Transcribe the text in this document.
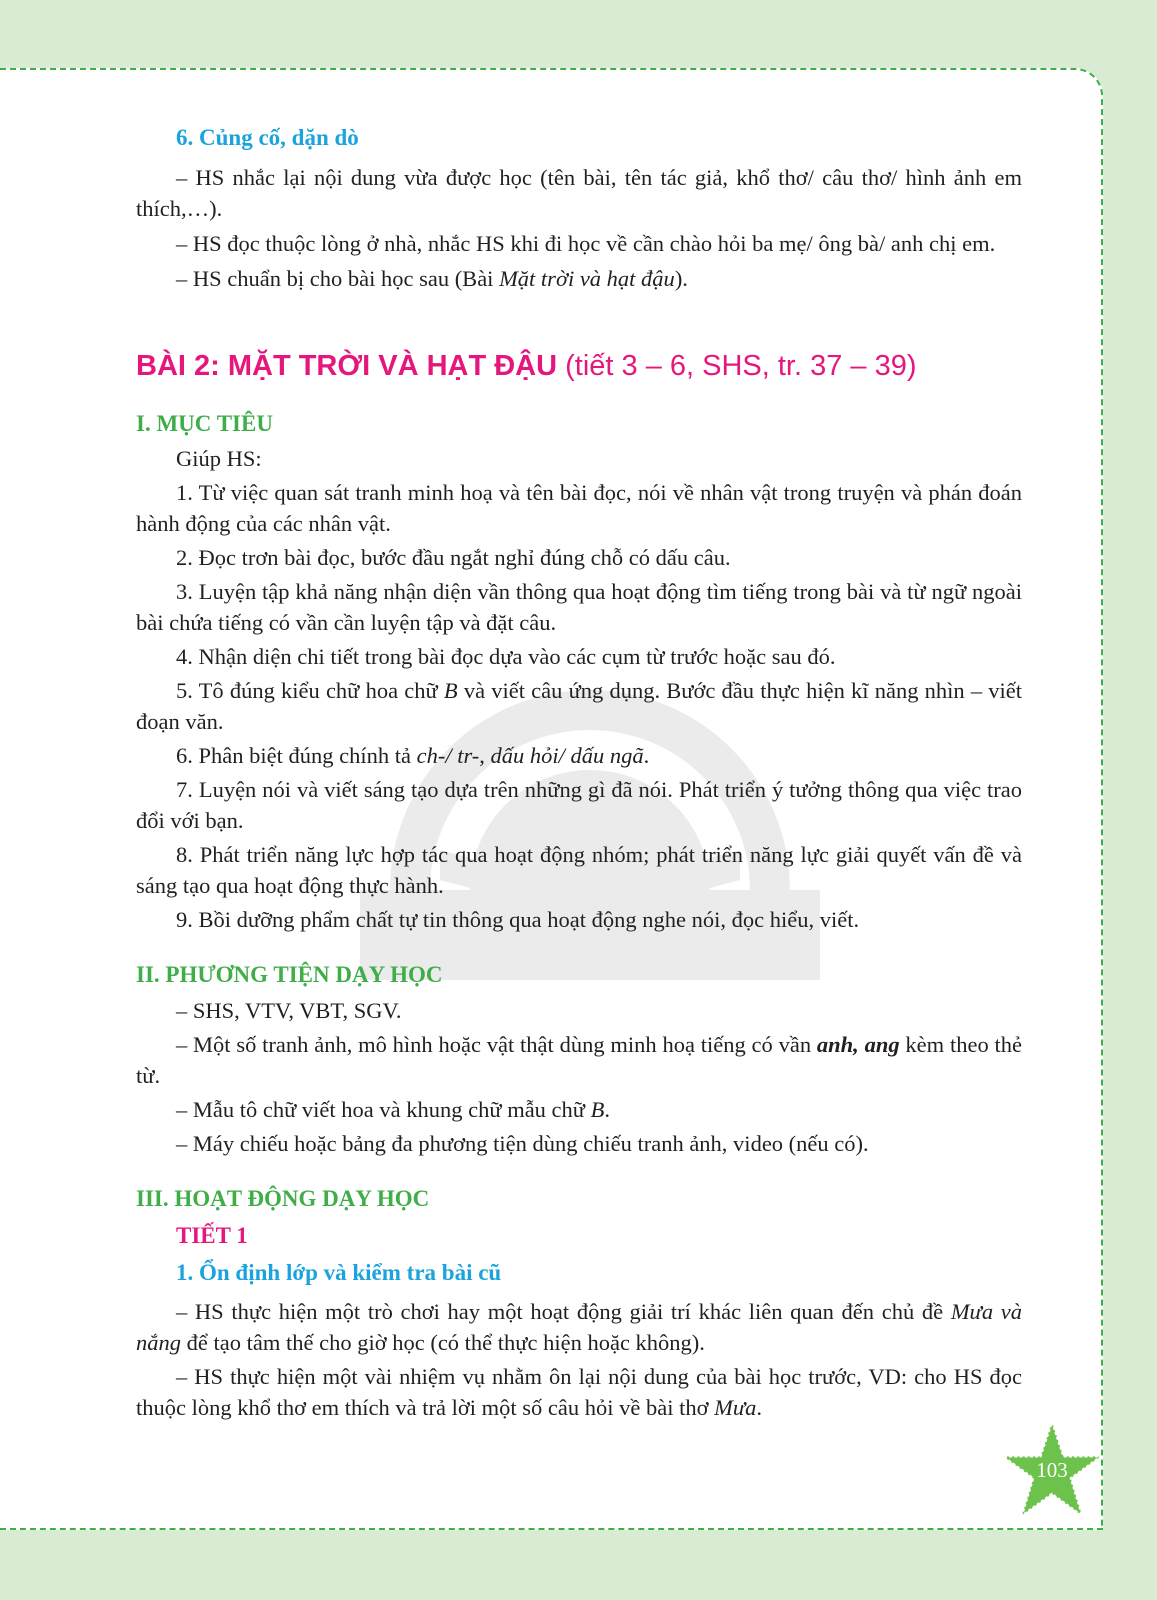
6. Củng cố, dặn dò

– HS nhắc lại nội dung vừa được học (tên bài, tên tác giả, khổ thơ/ câu thơ/ hình ảnh em thích,…).

– HS đọc thuộc lòng ở nhà, nhắc HS khi đi học về cần chào hỏi ba mẹ/ ông bà/ anh chị em.

– HS chuẩn bị cho bài học sau (Bài Mặt trời và hạt đậu).

BÀI 2: MẶT TRỜI VÀ HẠT ĐẬU (tiết 3 – 6, SHS, tr. 37 – 39)
I. MỤC TIÊU

Giúp HS:

1. Từ việc quan sát tranh minh hoạ và tên bài đọc, nói về nhân vật trong truyện và phán đoán hành động của các nhân vật.

2. Đọc trơn bài đọc, bước đầu ngắt nghỉ đúng chỗ có dấu câu.

3. Luyện tập khả năng nhận diện vần thông qua hoạt động tìm tiếng trong bài và từ ngữ ngoài bài chứa tiếng có vần cần luyện tập và đặt câu.

4. Nhận diện chi tiết trong bài đọc dựa vào các cụm từ trước hoặc sau đó.

5. Tô đúng kiểu chữ hoa chữ B và viết câu ứng dụng. Bước đầu thực hiện kĩ năng nhìn – viết đoạn văn.

6. Phân biệt đúng chính tả ch-/ tr-, dấu hỏi/ dấu ngã.

7. Luyện nói và viết sáng tạo dựa trên những gì đã nói. Phát triển ý tưởng thông qua việc trao đổi với bạn.

8. Phát triển năng lực hợp tác qua hoạt động nhóm; phát triển năng lực giải quyết vấn đề và sáng tạo qua hoạt động thực hành.

9. Bồi dưỡng phẩm chất tự tin thông qua hoạt động nghe nói, đọc hiểu, viết.

II. PHƯƠNG TIỆN DẠY HỌC

– SHS, VTV, VBT, SGV.

– Một số tranh ảnh, mô hình hoặc vật thật dùng minh hoạ tiếng có vần anh, ang kèm theo thẻ từ.

– Mẫu tô chữ viết hoa và khung chữ mẫu chữ B.

– Máy chiếu hoặc bảng đa phương tiện dùng chiếu tranh ảnh, video (nếu có).

III. HOẠT ĐỘNG DẠY HỌC
TIẾT 1
1. Ổn định lớp và kiểm tra bài cũ

– HS thực hiện một trò chơi hay một hoạt động giải trí khác liên quan đến chủ đề Mưa và nắng để tạo tâm thế cho giờ học (có thể thực hiện hoặc không).

– HS thực hiện một vài nhiệm vụ nhằm ôn lại nội dung của bài học trước, VD: cho HS đọc thuộc lòng khổ thơ em thích và trả lời một số câu hỏi về bài thơ Mưa.

103
